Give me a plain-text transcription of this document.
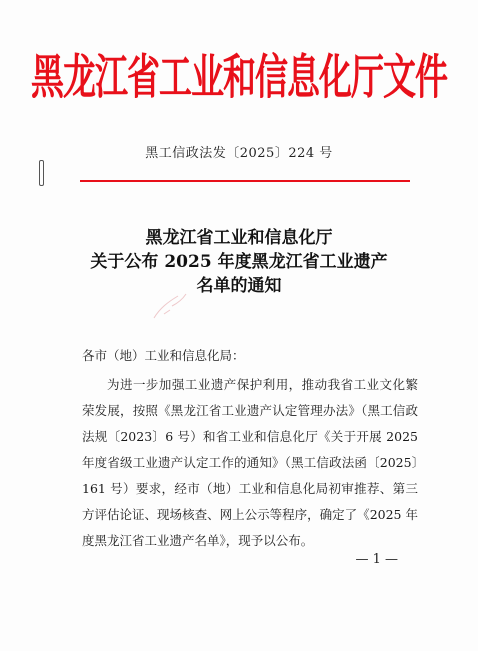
黑龙江省工业和信息化厅文件
黑工信政法发〔2025〕224 号
黑龙江省工业和信息化厅
关于公布 2025 年度黑龙江省工业遗产
名单的通知
各市（地）工业和信息化局：

为进一步加强工业遗产保护利用，推动我省工业文化繁荣发展，按照《黑龙江省工业遗产认定管理办法》（黑工信政法规〔2023〕6 号）和省工业和信息化厅《关于开展 2025 年度省级工业遗产认定工作的通知》（黑工信政法函〔2025〕161 号）要求，经市（地）工业和信息化局初审推荐、第三方评估论证、现场核查、网上公示等程序，确定了《2025 年度黑龙江省工业遗产名单》，现予以公布。

— 1 —
